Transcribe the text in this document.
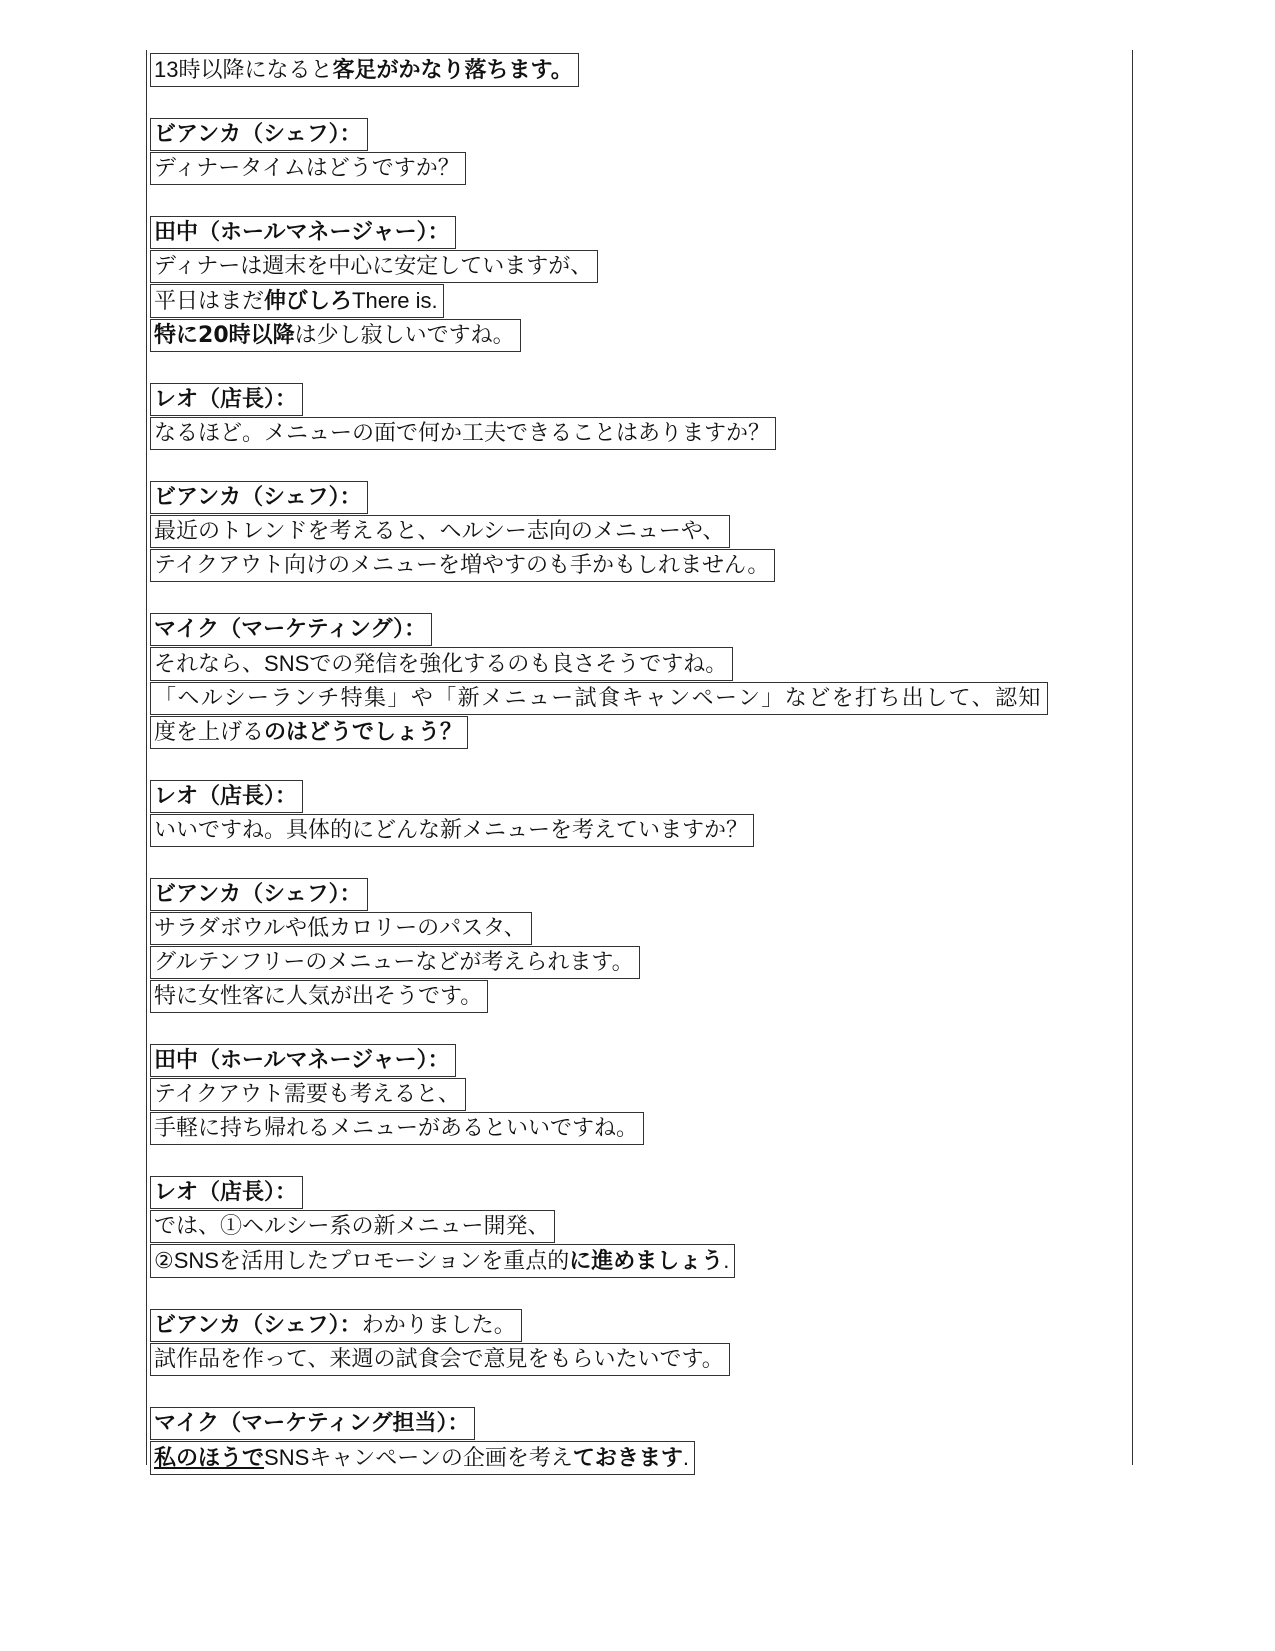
13時以降になると客足がかなり落ちます。
ビアンカ（シェフ）：
ディナータイムはどうですか？
田中（ホールマネージャー）：
ディナーは週末を中心に安定していますが、
平日はまだ伸びしろThere is.
特に20時以降は少し寂しいですね。
レオ（店長）：
なるほど。メニューの面で何か工夫できることはありますか？
ビアンカ（シェフ）：
最近のトレンドを考えると、ヘルシー志向のメニューや、
テイクアウト向けのメニューを増やすのも手かもしれません。
マイク（マーケティング）：
それなら、SNSでの発信を強化するのも良さそうですね。
「ヘルシーランチ特集」や「新メニュー試食キャンペーン」などを打ち出して、認知
度を上げるのはどうでしょう？
レオ（店長）：
いいですね。具体的にどんな新メニューを考えていますか？
ビアンカ（シェフ）：
サラダボウルや低カロリーのパスタ、
グルテンフリーのメニューなどが考えられます。
特に女性客に人気が出そうです。
田中（ホールマネージャー）：
テイクアウト需要も考えると、
手軽に持ち帰れるメニューがあるといいですね。
レオ（店長）：
では、①ヘルシー系の新メニュー開発、
②SNSを活用したプロモーションを重点的に進めましょう.
ビアンカ（シェフ）：わかりました。
試作品を作って、来週の試食会で意見をもらいたいです。
マイク（マーケティング担当）：
私のほうでSNSキャンペーンの企画を考えておきます.
